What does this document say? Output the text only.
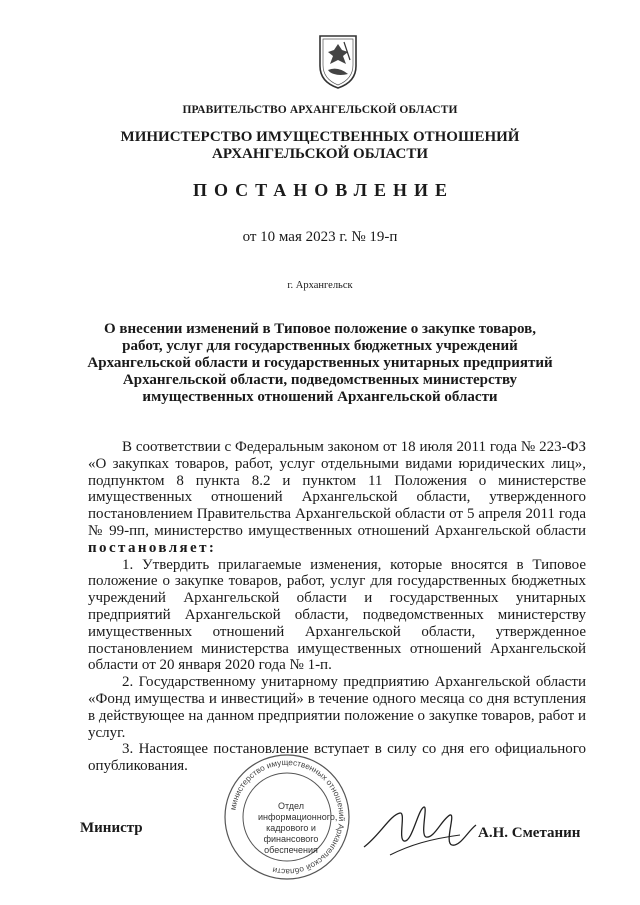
ПРАВИТЕЛЬСТВО АРХАНГЕЛЬСКОЙ ОБЛАСТИ
МИНИСТЕРСТВО ИМУЩЕСТВЕННЫХ ОТНОШЕНИЙ
АРХАНГЕЛЬСКОЙ ОБЛАСТИ
ПОСТАНОВЛЕНИЕ
от 10 мая 2023 г. № 19-п
г. Архангельск
О внесении изменений в Типовое положение о закупке товаров,
работ, услуг для государственных бюджетных учреждений
Архангельской области и государственных унитарных предприятий
Архангельской области, подведомственных министерству
имущественных отношений Архангельской области

В соответствии с Федеральным законом от 18 июля 2011 года № 223-ФЗ «О закупках товаров, работ, услуг отдельными видами юридических лиц», подпунктом 8 пункта 8.2 и пунктом 11 Положения о министерстве имущественных отношений Архангельской области, утвержденного постановлением Правительства Архангельской области от 5 апреля 2011 года № 99-пп, министерство имущественных отношений Архангельской области постановляет:

1. Утвердить прилагаемые изменения, которые вносятся в Типовое положение о закупке товаров, работ, услуг для государственных бюджетных учреждений Архангельской области и государственных унитарных предприятий Архангельской области, подведомственных министерству имущественных отношений Архангельской области, утвержденное постановлением министерства имущественных отношений Архангельской области от 20 января 2020 года № 1-п.

2. Государственному унитарному предприятию Архангельской области «Фонд имущества и инвестиций» в течение одного месяца со дня вступления в действующее на данном предприятии положение о закупке товаров, работ и услуг.

3. Настоящее постановление вступает в силу со дня его официального опубликования.

министерство имущественных отношений Архангельской области
Отдел
информационного,
кадрового и
финансового
обеспечения
Министр	А.Н. Сметанин
